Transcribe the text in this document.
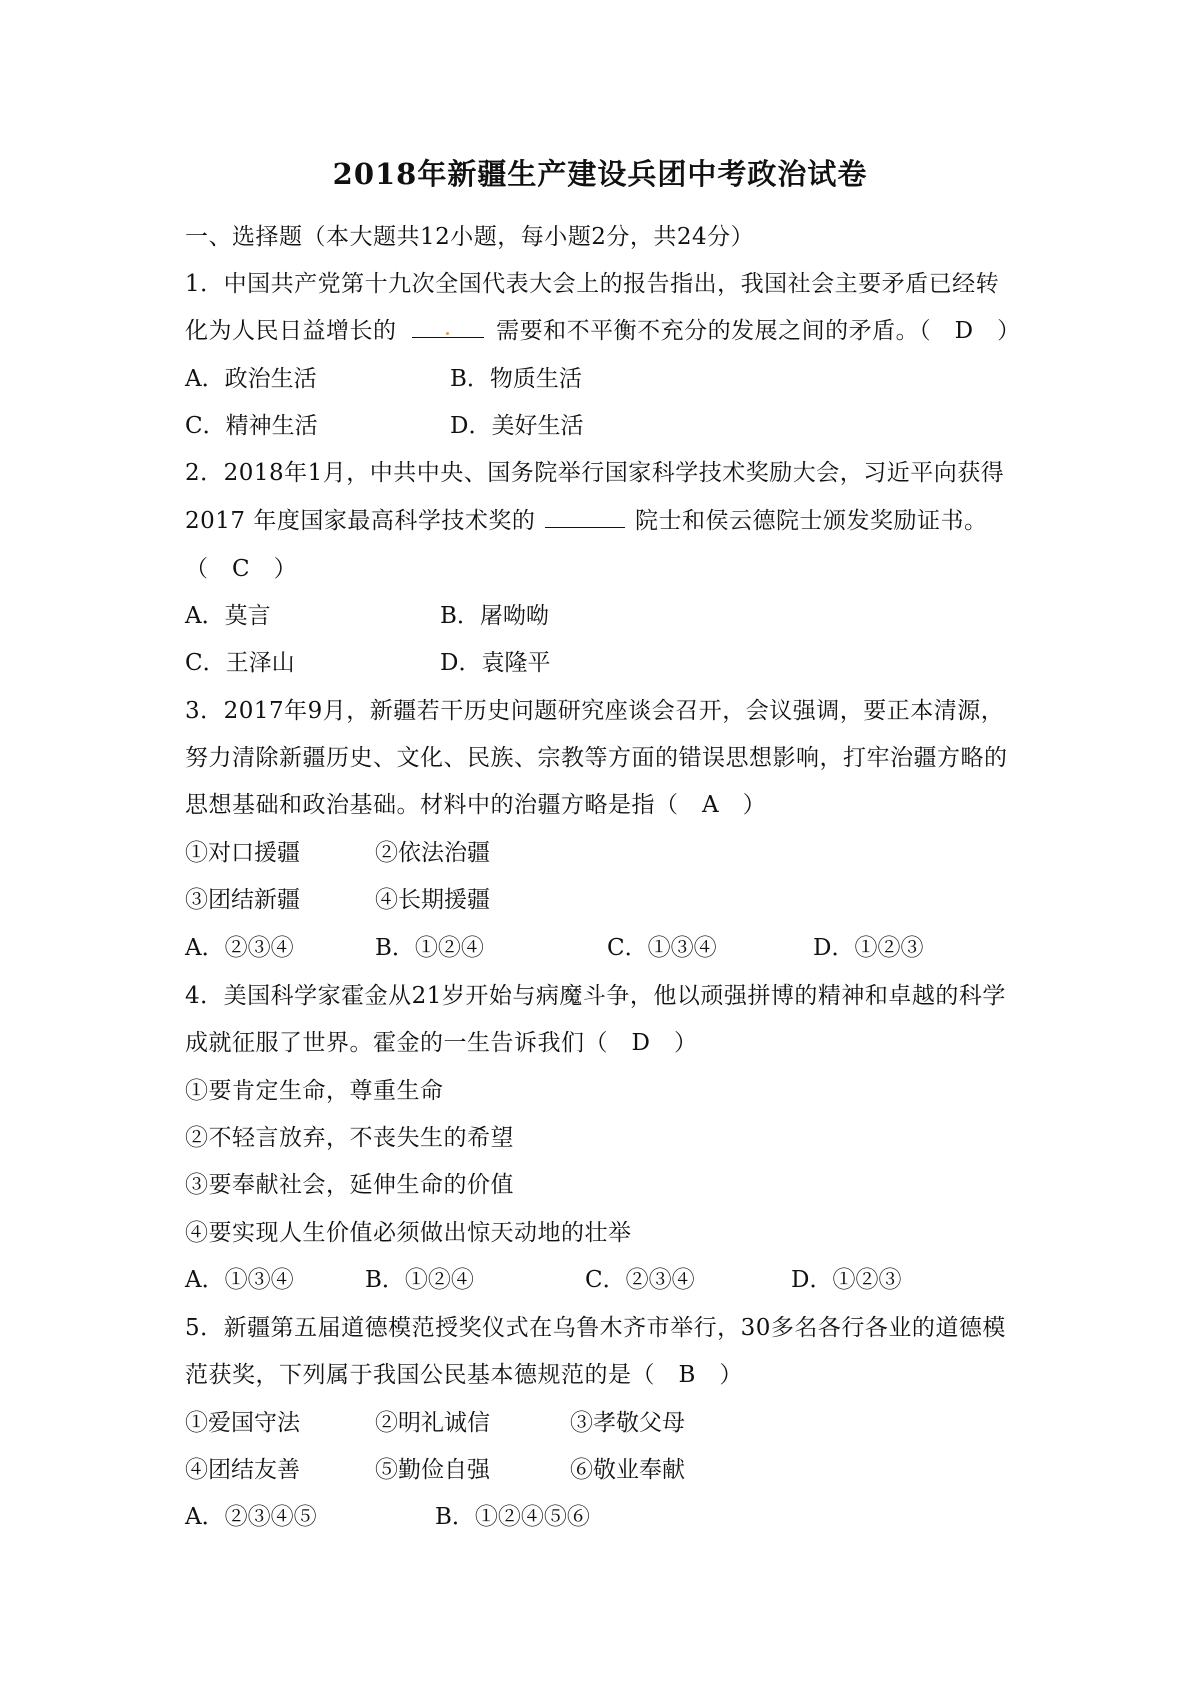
2018年新疆生产建设兵团中考政治试卷
一、选择题（本大题共12小题，每小题2分，共24分）
1．中国共产党第十九次全国代表大会上的报告指出，我国社会主要矛盾已经转
化为人民日益增长的	需要和不平衡不充分的发展之间的矛盾。（　D　）
A．政治生活	B．物质生活
C．精神生活	D．美好生活
2．2018年1月，中共中央、国务院举行国家科学技术奖励大会，习近平向获得
2017 年度国家最高科学技术奖的	院士和侯云德院士颁发奖励证书。
（　C　）
A．莫言	B．屠呦呦
C．王泽山	D．袁隆平
3．2017年9月，新疆若干历史问题研究座谈会召开，会议强调，要正本清源，
努力清除新疆历史、文化、民族、宗教等方面的错误思想影响，打牢治疆方略的
思想基础和政治基础。材料中的治疆方略是指（　A　）
①对口援疆	②依法治疆
③团结新疆	④长期援疆
A．②③④	B．①②④	C．①③④	D．①②③
4．美国科学家霍金从21岁开始与病魔斗争，他以顽强拼博的精神和卓越的科学
成就征服了世界。霍金的一生告诉我们（　D　）
①要肯定生命，尊重生命
②不轻言放弃，不丧失生的希望
③要奉献社会，延伸生命的价值
④要实现人生价值必须做出惊天动地的壮举
A．①③④	B．①②④	C．②③④	D．①②③
5．新疆第五届道德模范授奖仪式在乌鲁木齐市举行，30多名各行各业的道德模
范获奖，下列属于我国公民基本德规范的是（　B　）
①爱国守法	②明礼诚信	③孝敬父母
④团结友善	⑤勤俭自强	⑥敬业奉献
A．②③④⑤	B．①②④⑤⑥
